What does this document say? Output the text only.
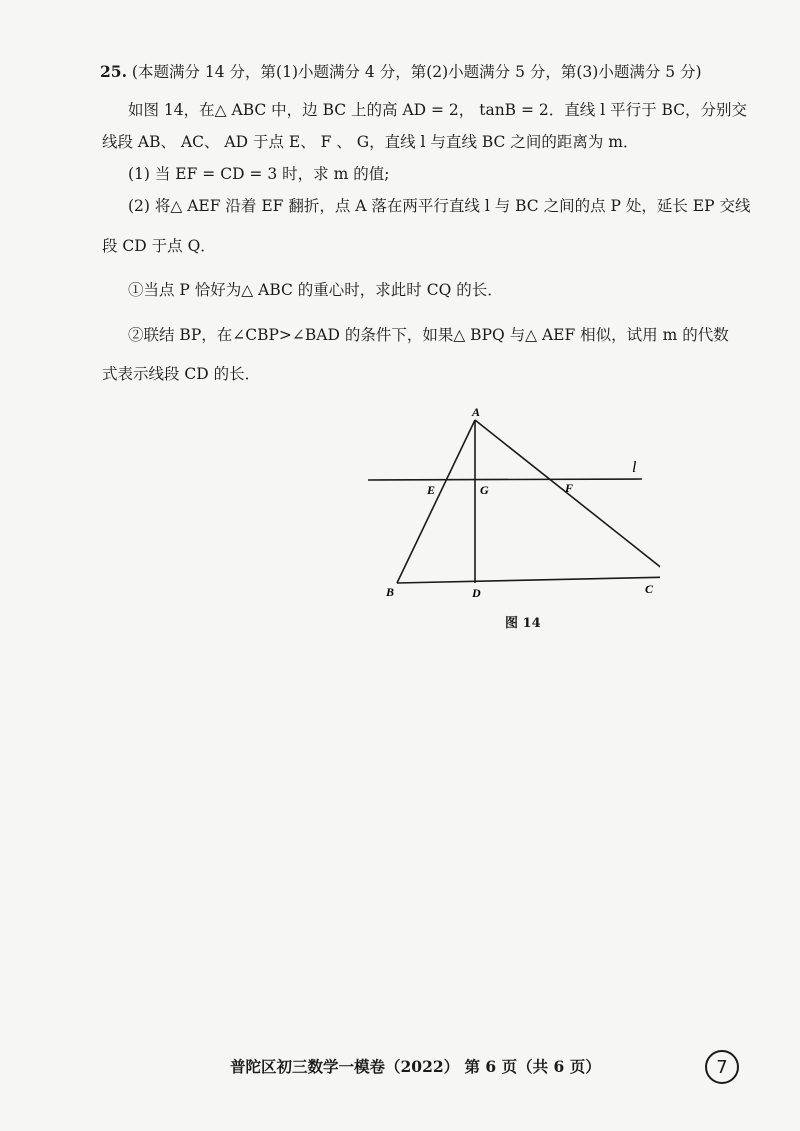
25. (本题满分 14 分，第(1)小题满分 4 分，第(2)小题满分 5 分，第(3)小题满分 5 分)
如图 14，在△ ABC 中，边 BC 上的高 AD = 2， tanB = 2．直线 l 平行于 BC，分别交
线段 AB、 AC、 AD 于点 E、 F 、 G，直线 l 与直线 BC 之间的距离为 m．
(1) 当 EF = CD = 3 时，求 m 的值;
(2) 将△ AEF 沿着 EF 翻折，点 A 落在两平行直线 l 与 BC 之间的点 P 处，延长 EP 交线
段 CD 于点 Q．
①当点 P 恰好为△ ABC 的重心时，求此时 CQ 的长．
②联结 BP，在∠CBP>∠BAD 的条件下，如果△ BPQ 与△ AEF 相似，试用 m 的代数
式表示线段 CD 的长．
A
B	C
D
E	G	F
l
图 14
普陀区初三数学一模卷（2022） 第 6 页（共 6 页）	7
